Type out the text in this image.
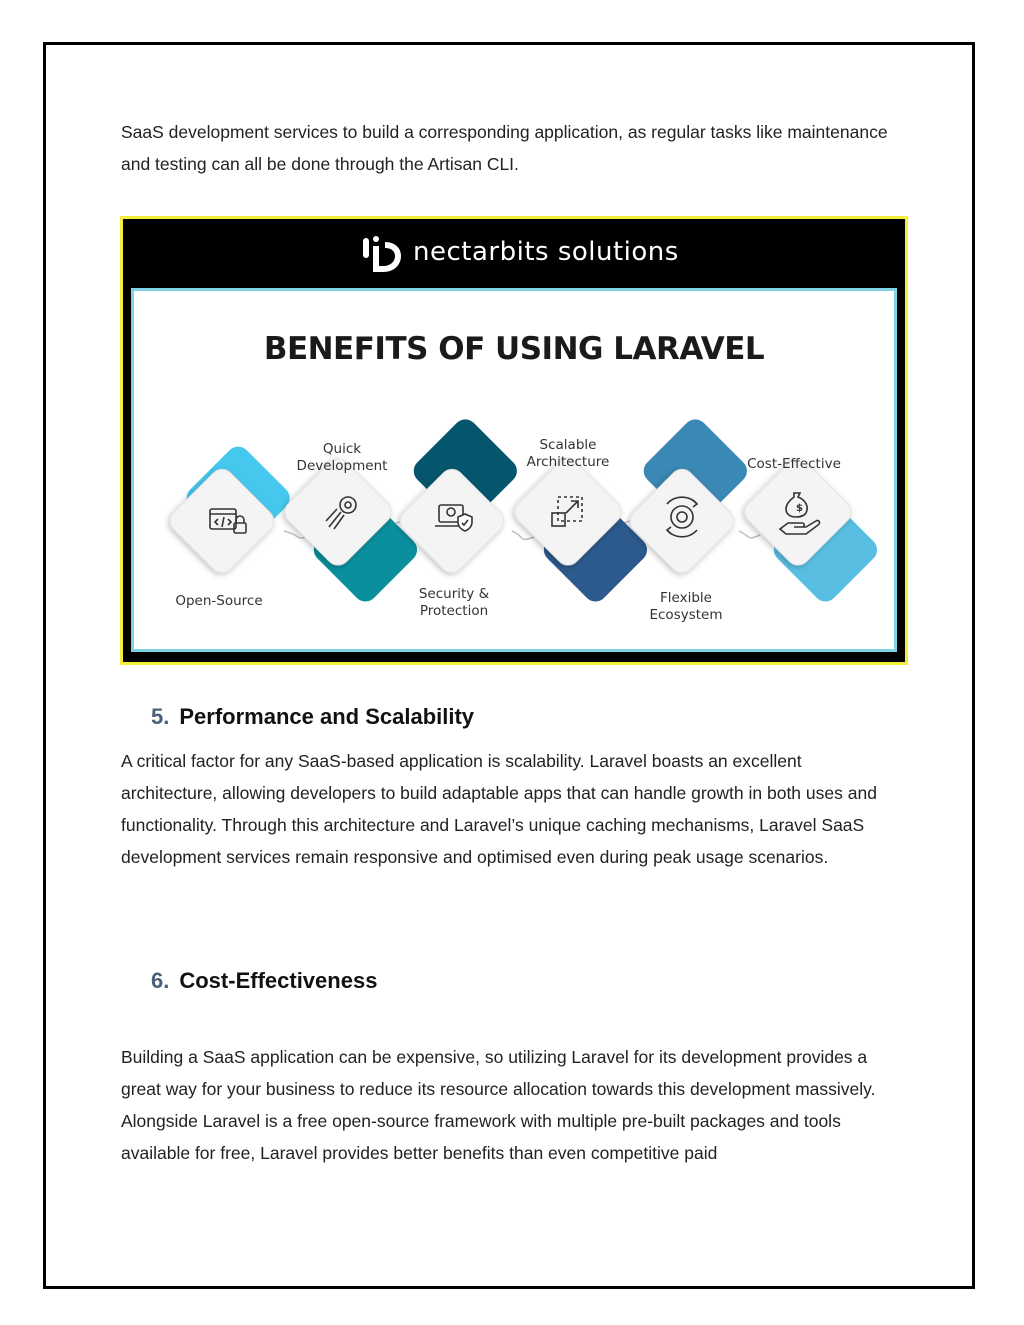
SaaS development services to build a corresponding application, as regular tasks like maintenance and testing can all be done through the Artisan CLI.

nectarbits solutions
BENEFITS OF USING LARAVEL
$
Open-Source
Quick Development
Security & Protection
Scalable Architecture
Flexible Ecosystem
Cost-Effective
5. Performance and Scalability

A critical factor for any SaaS-based application is scalability. Laravel boasts an excellent architecture, allowing developers to build adaptable apps that can handle growth in both uses and functionality. Through this architecture and Laravel’s unique caching mechanisms, Laravel SaaS development services remain responsive and optimised even during peak usage scenarios.

6. Cost-Effectiveness

Building a SaaS application can be expensive, so utilizing Laravel for its development provides a great way for your business to reduce its resource allocation towards this development massively. Alongside Laravel is a free open-source framework with multiple pre-built packages and tools available for free, Laravel provides better benefits than even competitive paid
